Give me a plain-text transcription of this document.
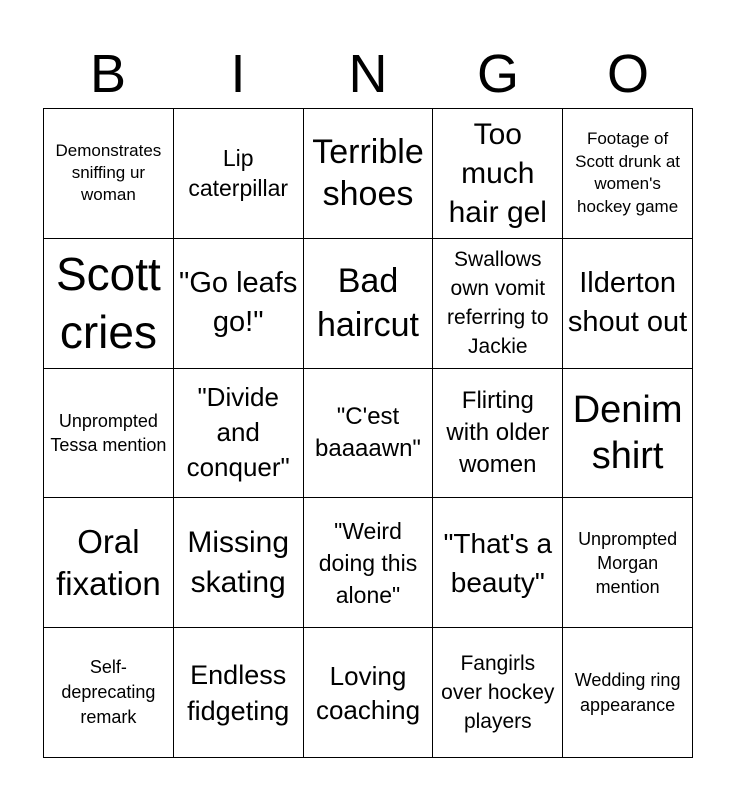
B	I	N	G	O
Demonstrates sniffing ur woman
Lip caterpillar
Terrible shoes
Too much hair gel
Footage of Scott drunk at women's hockey game
Scott cries
"Go leafs go!"
Bad haircut
Swallows own vomit referring to Jackie
Ilderton shout out
Unprompted Tessa mention
"Divide and conquer"
"C'est baaaawn"
Flirting with older women
Denim shirt
Oral fixation
Missing skating
"Weird doing this alone"
"That's a beauty"
Unprompted Morgan mention
Self-deprecating remark
Endless fidgeting
Loving coaching
Fangirls over hockey players
Wedding ring appearance
